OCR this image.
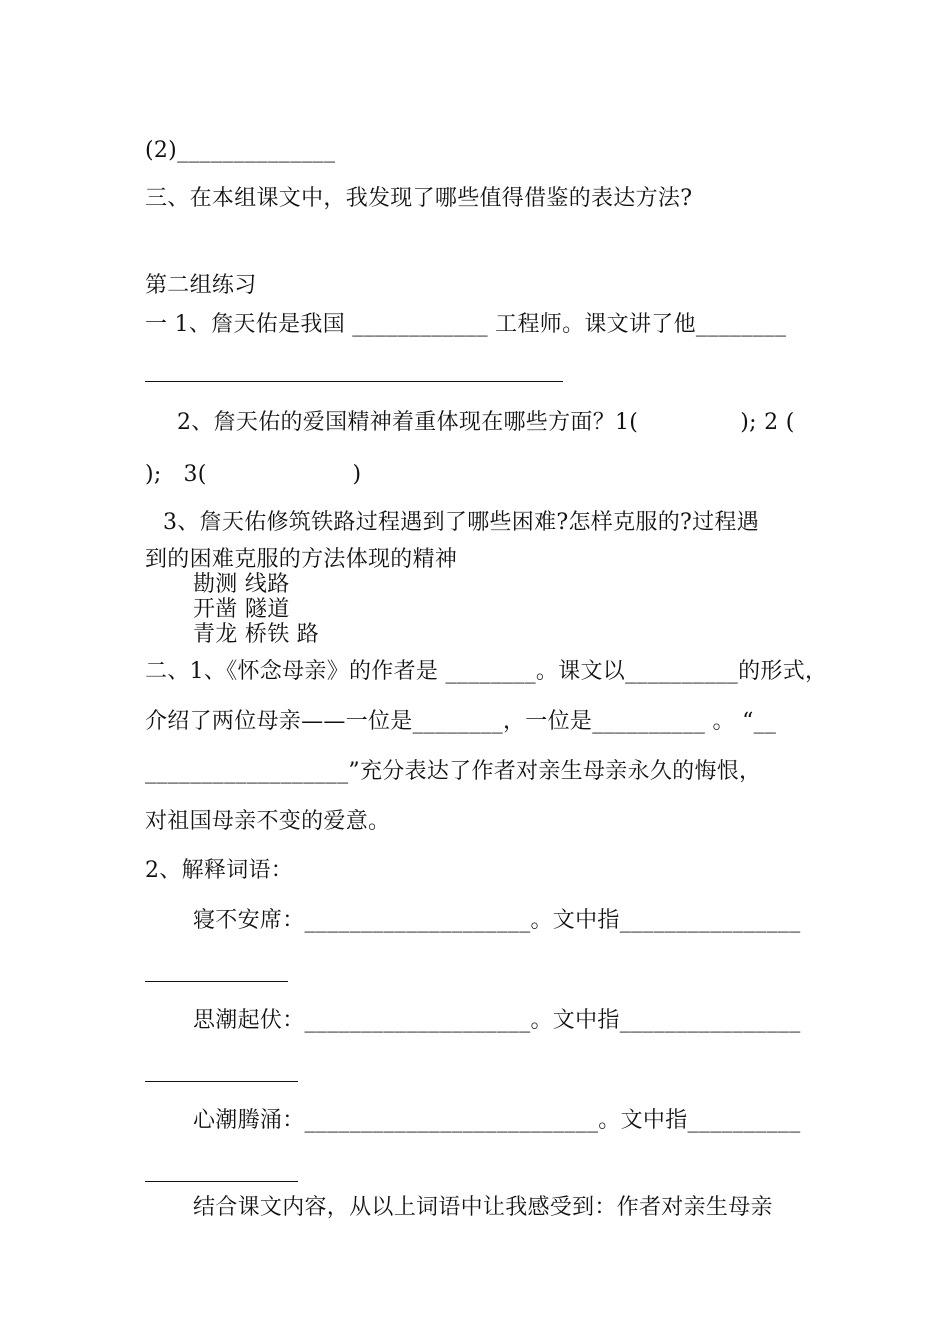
(2)______________
三、在本组课文中，我发现了哪些值得借鉴的表达方法?
第二组练习
一 1、詹天佑是我国 ____________ 工程师。课文讲了他________
2、詹天佑的爱国精神着重体现在哪些方面？1(              ); 2 (
);   3(                    )
3、詹天佑修筑铁路过程遇到了哪些困难?怎样克服的?过程遇
到的困难克服的方法体现的精神
勘测 线路
开凿 隧道
青龙 桥铁 路
二、1、《怀念母亲》的作者是 ________。课文以__________的形式，
介绍了两位母亲——一位是________，一位是__________ 。 “__
__________________”充分表达了作者对亲生母亲永久的悔恨，
对祖国母亲不变的爱意。
2、解释词语：
寝不安席：____________________。文中指________________
思潮起伏：____________________。文中指________________
心潮腾涌：__________________________。文中指__________
结合课文内容，从以上词语中让我感受到：作者对亲生母亲
